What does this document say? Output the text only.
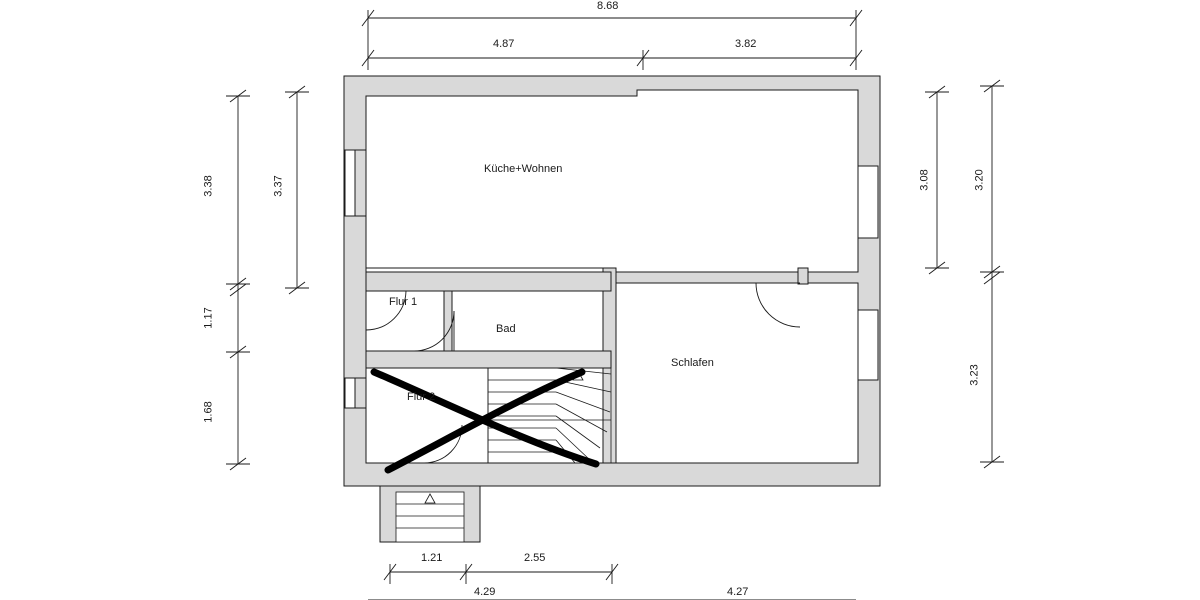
Küche+Wohnen
Flur 1
Bad
Flur 2
Schlafen
8.68
4.87	3.82
3.38
1.17
1.68
3.37	3.08	3.20
3.23
1.21	2.55
4.29	4.27
